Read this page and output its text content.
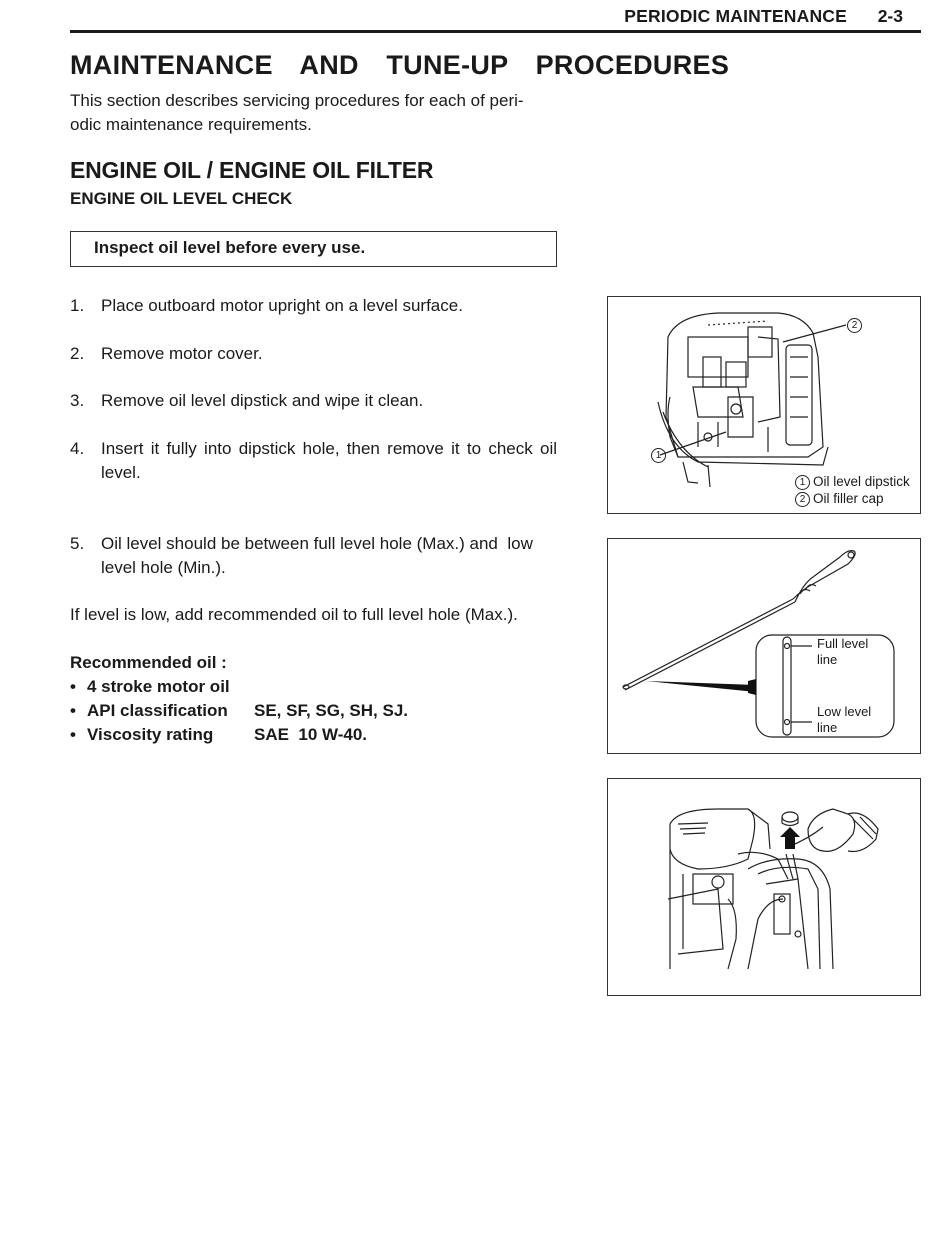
PERIODIC MAINTENANCE 2-3
MAINTENANCE  AND  TUNE-UP  PROCEDURES

This section describes servicing procedures for each of peri-
odic maintenance requirements.

ENGINE OIL / ENGINE OIL FILTER
ENGINE OIL LEVEL CHECK
Inspect oil level before every use.
1. Place outboard motor upright on a level surface.
2. Remove motor cover.
3. Remove oil level dipstick and wipe it clean.
4. Insert it fully into dipstick hole, then remove it to check oil level.
5. Oil level should be between full level hole (Max.) and  low level hole (Min.).
If level is low, add recommended oil to full level hole (Max.).
Recommended oil :
• 4 stroke motor oil
• API classification SE, SF, SG, SH, SJ.
• Viscosity rating SAE  10 W-40.
1
2
1 Oil level dipstick
2 Oil filler cap
Full level line
Low level line
